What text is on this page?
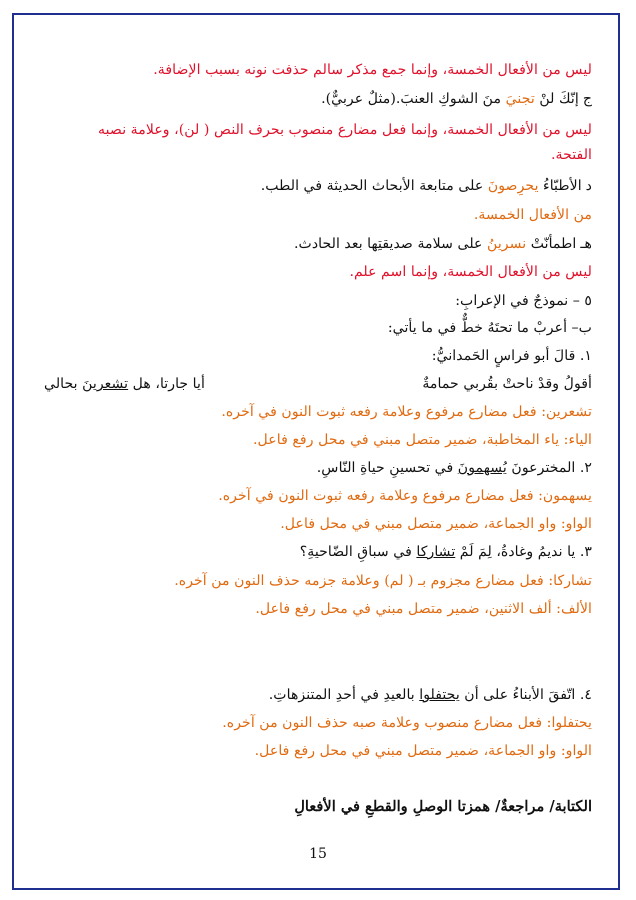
ليس من الأفعال الخمسة، وإنما جمع مذكر سالم حذفت نونه بسبب الإضافة.
جإنّكَ لنْ تجنيَ منَ الشوكِ العنبَ.(مثلٌ عربيٌّ).
ليس من الأفعال الخمسة، وإنما فعل مضارع منصوب بحرف النص ( لن)، وعلامة نصبه
الفتحة.
دالأطبّاءُ يحرِصونَ على متابعة الأبحاث الحديثة في الطب.
من الأفعال الخمسة.
هـاطمأنّتْ نسرينُ على سلامة صديقتِها بعد الحادث.
ليس من الأفعال الخمسة، وإنما اسم علم.
٥ – نموذجٌ في الإعرابِ:
ب– أعربْ ما تحتَهُ خطٌّ في ما يأتي:
١. قالَ أبو فراسٍ الحَمدانيُّ:
أقولُ وقدْ ناحتْ بقُربي حمامةٌ
أيا جارتا، هل تشعرينَ بحالي
تشعرين: فعل مضارع مرفوع وعلامة رفعه ثبوت النون في آخره.
الياء: ياء المخاطبة، ضمير متصل مبني في محل رفع فاعل.
٢. المخترعونَ يُسهمونَ في تحسينِ حياةِ النّاسِ.
يسهمون: فعل مضارع مرفوع وعلامة رفعه ثبوت النون في آخره.
الواو: واو الجماعة، ضمير متصل مبني في محل فاعل.
٣. يا نديمُ وغادةُ، لِمَ لَمْ تشاركا في سباقِ الضّاحيةِ؟
تشاركا: فعل مضارع مجزوم بـ ( لم) وعلامة جزمه حذف النون من آخره.
الألف: ألف الاثنين، ضمير متصل مبني في محل رفع فاعل.
٤. اتّفقَ الأبناءُ على أن يحتفلوا بالعيدِ في أحدِ المتنزهاتِ.
يحتفلوا: فعل مضارع منصوب وعلامة صبه حذف النون من آخره.
الواو: واو الجماعة، ضمير متصل مبني في محل رفع فاعل.
الكتابة/ مراجعةٌ/ همزتا الوصلِ والقطعِ في الأفعالِ
15
